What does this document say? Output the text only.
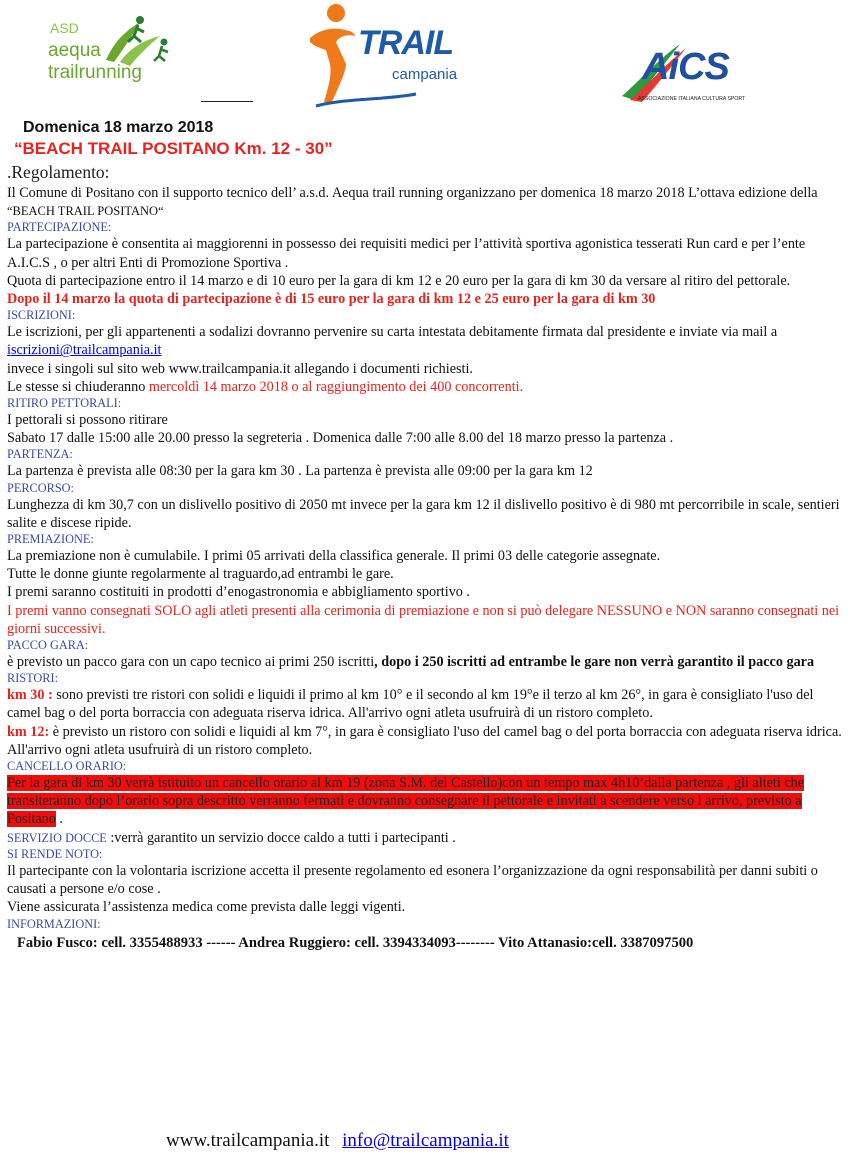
ASD
aequa
trailrunning
TRAIL
campania	AiCS
ASSOCIAZIONE ITALIANA CULTURA SPORT
Domenica 18 marzo 2018
“BEACH TRAIL POSITANO Km. 12 - 30”
.Regolamento:

Il Comune di Positano con il supporto tecnico dell’ a.s.d. Aequa trail running organizzano per domenica 18 marzo 2018 L’ottava edizione della “BEACH TRAIL POSITANO“

PARTECIPAZIONE:

La partecipazione è consentita ai maggiorenni in possesso dei requisiti medici per l’attività sportiva agonistica tesserati Run card e per l’ente A.I.C.S , o per altri Enti di Promozione Sportiva .

Quota di partecipazione entro il 14 marzo e di 10 euro per la gara di km 12 e 20 euro per la gara di km 30 da versare al ritiro del pettorale.

Dopo il 14 marzo la quota di partecipazione è di 15 euro per la gara di km 12 e 25 euro per la gara di km 30

ISCRIZIONI:

Le iscrizioni, per gli appartenenti a sodalizi dovranno pervenire su carta intestata debitamente firmata dal presidente e inviate via mail a iscrizioni@trailcampania.it

invece i singoli sul sito web www.trailcampania.it allegando i documenti richiesti.

Le stesse si chiuderanno mercoldì 14 marzo 2018 o al raggiungimento dei 400 concorrenti.

RITIRO PETTORALI:

I pettorali si possono ritirare

Sabato 17 dalle 15:00 alle 20.00 presso la segreteria . Domenica dalle 7:00 alle 8.00 del 18 marzo presso la partenza .

PARTENZA:

La partenza è prevista alle 08:30 per la gara km 30 . La partenza è prevista alle 09:00 per la gara km 12

PERCORSO:

Lunghezza di km 30,7 con un dislivello positivo di 2050 mt invece per la gara km 12 il dislivello positivo è di 980 mt percorribile in scale, sentieri salite e discese ripide.

PREMIAZIONE:

La premiazione non è cumulabile. I primi 05 arrivati della classifica generale. Il primi 03 delle categorie assegnate.

Tutte le donne giunte regolarmente al traguardo,ad entrambi le gare.

I premi saranno costituiti in prodotti d’enogastronomia e abbigliamento sportivo .

I premi vanno consegnati SOLO agli atleti presenti alla cerimonia di premiazione e non si può delegare NESSUNO e NON saranno consegnati nei giorni successivi.

PACCO GARA:

è previsto un pacco gara con un capo tecnico ai primi 250 iscritti, dopo i 250 iscritti ad entrambe le gare non verrà garantito il pacco gara

RISTORI:

km 30 : sono previsti tre ristori con solidi e liquidi il primo al km 10° e il secondo al km 19°e il terzo al km 26°, in gara è consigliato l'uso del camel bag o del porta borraccia con adeguata riserva idrica. All'arrivo ogni atleta usufruirà di un ristoro completo.

km 12: è previsto un ristoro con solidi e liquidi al km 7°, in gara è consigliato l'uso del camel bag o del porta borraccia con adeguata riserva idrica. All'arrivo ogni atleta usufruirà di un ristoro completo.

CANCELLO ORARIO:

Per la gara di km 30 verrà istituito un cancello orario al km 19 (zona S.M. del Castello)con un tempo max 4h10’dalla partenza , gli alteti che transiteranno dopo l’orario sopra descritto verranno fermati e dovranno consegnare il pettorale e invitati a scendere verso l arrivo, previsto a Positano .

SERVIZIO DOCCE :verrà garantito un servizio docce caldo a tutti i partecipanti .

SI RENDE NOTO:

Il partecipante con la volontaria iscrizione accetta il presente regolamento ed esonera l’organizzazione da ogni responsabilità per danni subiti o causati a persone e/o cose .

Viene assicurata l’assistenza medica come prevista dalle leggi vigenti.

INFORMAZIONI:

Fabio Fusco: cell. 3355488933 ------ Andrea Ruggiero: cell. 3394334093-------- Vito Attanasio:cell. 3387097500

www.trailcampania.it info@trailcampania.it
